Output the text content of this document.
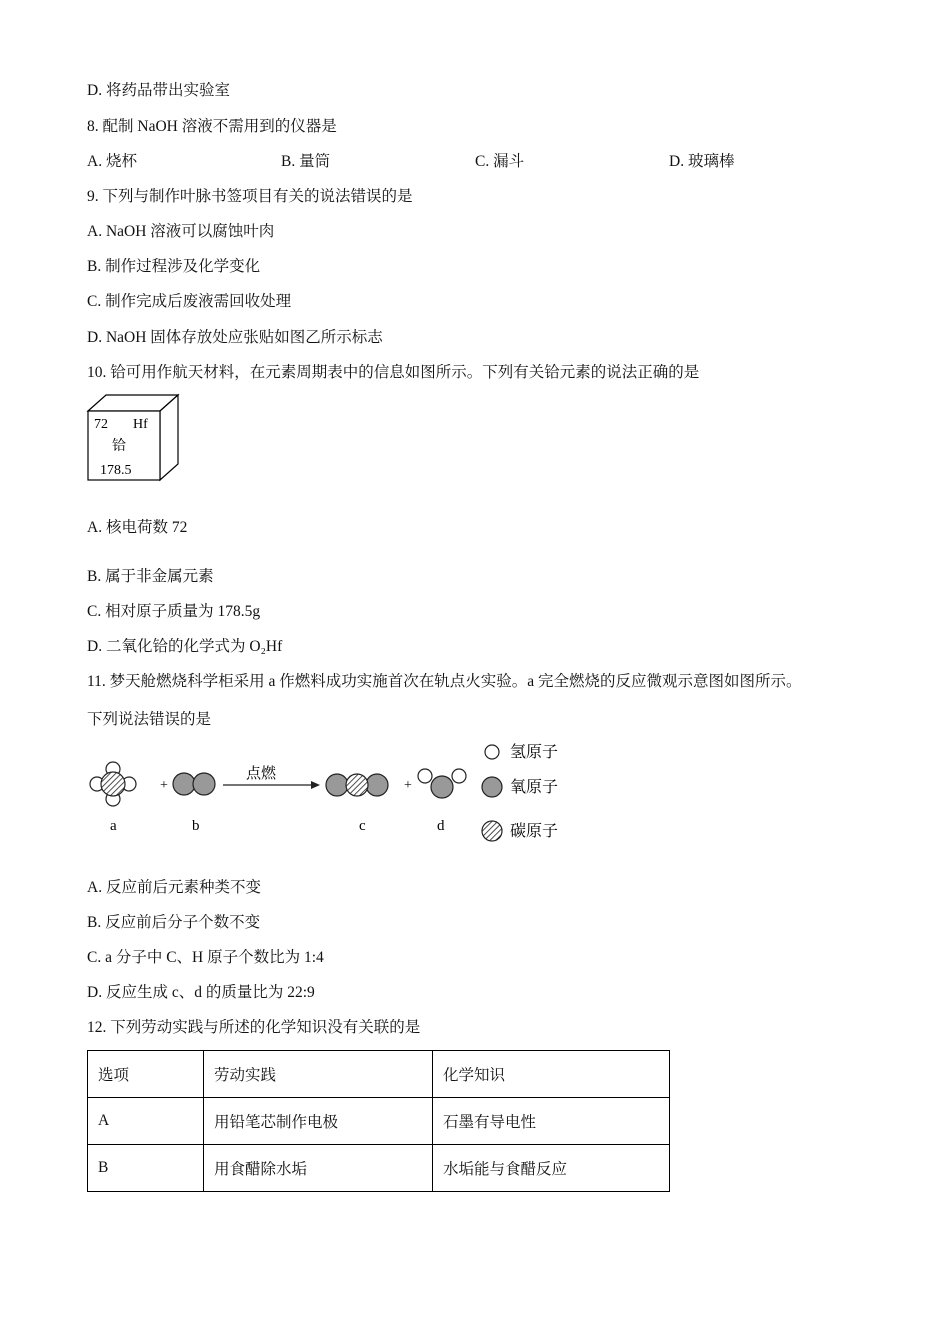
D. 将药品带出实验室
8. 配制 NaOH 溶液不需用到的仪器是
A. 烧杯	B. 量筒	C. 漏斗	D. 玻璃棒
9. 下列与制作叶脉书签项目有关的说法错误的是
A. NaOH 溶液可以腐蚀叶肉
B. 制作过程涉及化学变化
C. 制作完成后废液需回收处理
D. NaOH 固体存放处应张贴如图乙所示标志
10. 铪可用作航天材料，在元素周期表中的信息如图所示。下列有关铪元素的说法正确的是
72 Hf
铪
178.5
A. 核电荷数 72
B. 属于非金属元素
C. 相对原子质量为 178.5g
D. 二氧化铪的化学式为 O₂Hf
11. 梦天舱燃烧科学柜采用 a 作燃料成功实施首次在轨点火实验。a 完全燃烧的反应微观示意图如图所示。
下列说法错误的是
+
点燃
+
a	b	c	d
氢原子
氧原子
碳原子
A. 反应前后元素种类不变
B. 反应前后分子个数不变
C. a 分子中 C、H 原子个数比为 1:4
D. 反应生成 c、d 的质量比为 22:9
12. 下列劳动实践与所述的化学知识没有关联的是
选项	劳动实践	化学知识
A	用铅笔芯制作电极	石墨有导电性
B	用食醋除水垢	水垢能与食醋反应
